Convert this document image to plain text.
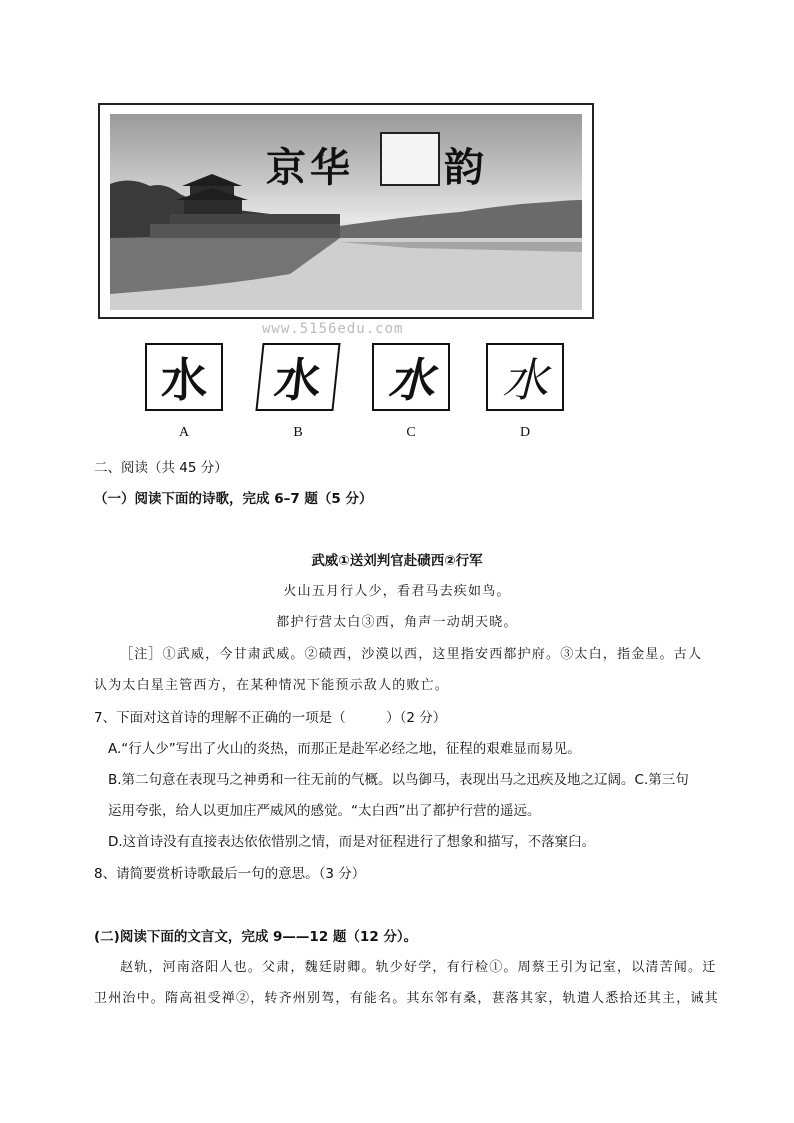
京华 韵
www.5156edu.com
水 水 水 水
A	B	C	D
二、阅读（共 45 分）
（一）阅读下面的诗歌，完成 6–7 题（5 分）
武威①送刘判官赴碛西②行军
火山五月行人少，看君马去疾如鸟。
都护行营太白③西，角声一动胡天晓。
［注］①武威，今甘肃武威。②碛西，沙漠以西，这里指安西都护府。③太白，指金星。古人
认为太白星主管西方，在某种情况下能预示敌人的败亡。
7、下面对这首诗的理解不正确的一项是（　　　）（2 分）
A.“行人少”写出了火山的炎热，而那正是赴军必经之地，征程的艰难显而易见。
B.第二句意在表现马之神勇和一往无前的气概。以鸟御马，表现出马之迅疾及地之辽阔。C.第三句
运用夸张，给人以更加庄严威风的感觉。“太白西”出了都护行营的遥远。
D.这首诗没有直接表达依依惜别之情，而是对征程进行了想象和描写，不落窠臼。
8、请简要赏析诗歌最后一句的意思。（3 分）
(二)阅读下面的文言文，完成 9——12 题（12 分）。
赵轨，河南洛阳人也。父肃，魏廷尉卿。轨少好学，有行检①。周蔡王引为记室，以清苦闻。迁
卫州治中。隋高祖受禅②，转齐州别驾，有能名。其东邻有桑，葚落其家，轨遣人悉拾还其主，诫其
